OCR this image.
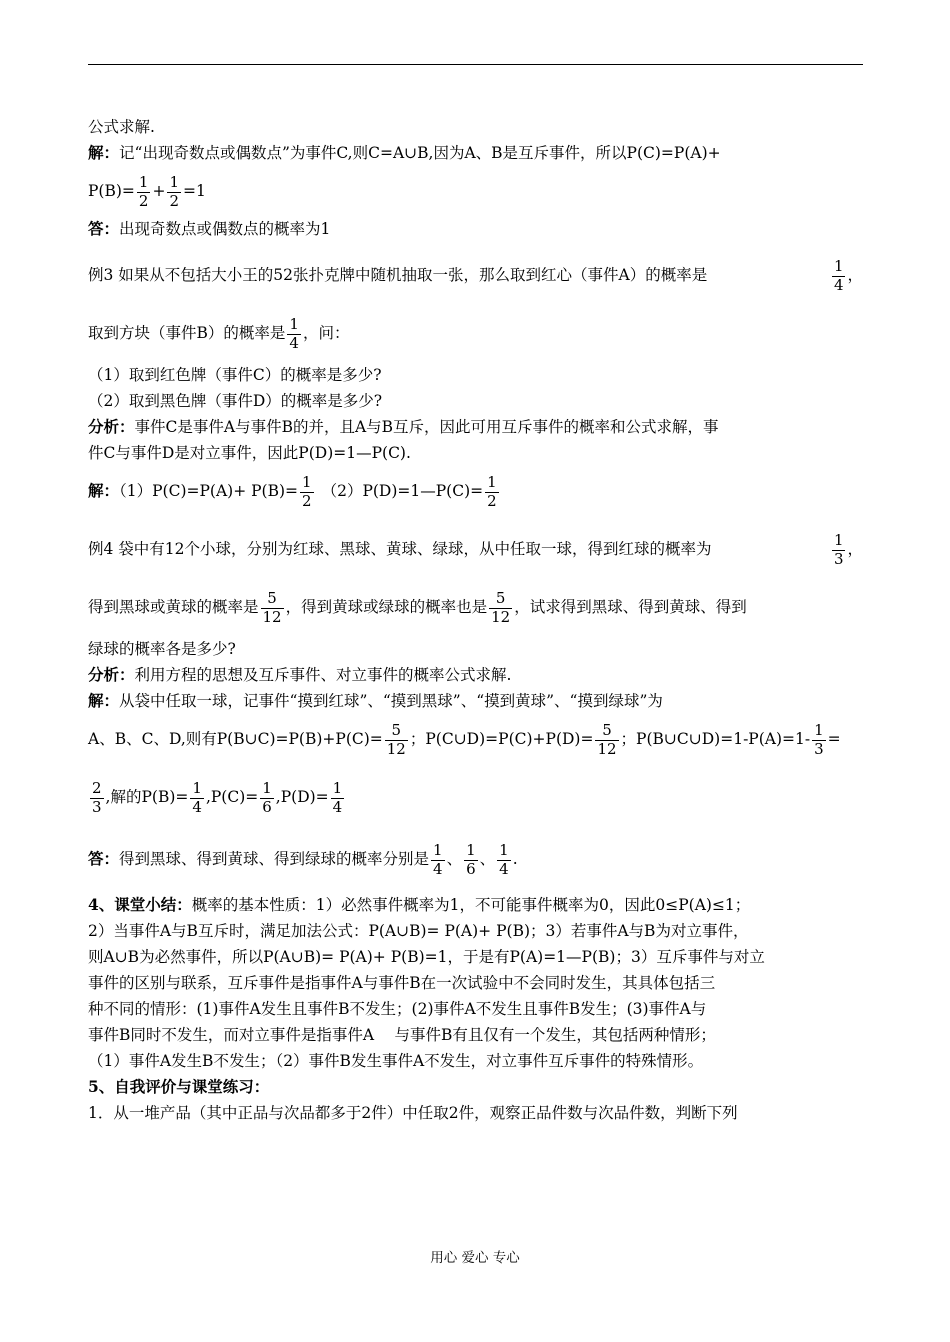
公式求解.
解：记“出现奇数点或偶数点”为事件C,则C=A∪B,因为A、B是互斥事件，所以P(C)=P(A)+
$P(B)= \frac{1}{2} + \frac{1}{2} =1$
答：出现奇数点或偶数点的概率为1
例3 如果从不包括大小王的52张扑克牌中随机抽取一张，那么取到红心（事件A）的概率是	$\frac{1}{4}$ ，
取到方块（事件B）的概率是 $\frac{1}{4}$ ，问：
（1）取到红色牌（事件C）的概率是多少?
（2）取到黑色牌（事件D）的概率是多少?
分析：事件C是事件A与事件B的并，且A与B互斥，因此可用互斥事件的概率和公式求解，事
件C与事件D是对立事件，因此P(D)=1—P(C).
解：$(1)P(C)=P(A)+ P(B)= \frac{1}{2}$ （2）P(D)=1—P(C)= $\frac{1}{2}$
例4 袋中有12个小球，分别为红球、黑球、黄球、绿球，从中任取一球，得到红球的概率为	$\frac{1}{3}$ ，
得到黑球或黄球的概率是 $\frac{5}{12}$ ，得到黄球或绿球的概率也是 $\frac{5}{12}$ ，试求得到黑球、得到黄球、得到
绿球的概率各是多少?
分析：利用方程的思想及互斥事件、对立事件的概率公式求解.
解：从袋中任取一球，记事件“摸到红球”、“摸到黑球”、“摸到黄球”、“摸到绿球”为
A、B、C、D,则有P(B∪C)=P(B)+P(C)= $\frac{5}{12}$ ；P(C∪D)=P(C)+P(D)= $\frac{5}{12}$ ；P(B∪C∪D)=1-P(A)=1- $\frac{1}{3}$ =
$\frac{2}{3}$ ,解的$P(B)= \frac{1}{4} ,P(C)= \frac{1}{6} ,P(D)= \frac{1}{4}$
答：得到黑球、得到黄球、得到绿球的概率分别是 $\frac{1}{4}$ 、 $\frac{1}{6}$ 、 $\frac{1}{4}$ .
4、课堂小结：概率的基本性质：1）必然事件概率为1，不可能事件概率为0，因此0≤P(A)≤1；
2）当事件A与B互斥时，满足加法公式：P(A∪B)= P(A)+ P(B)；3）若事件A与B为对立事件，
则A∪B为必然事件，所以P(A∪B)= P(A)+ P(B)=1，于是有P(A)=1—P(B)；3）互斥事件与对立
事件的区别与联系，互斥事件是指事件A与事件B在一次试验中不会同时发生，其具体包括三
种不同的情形：(1)事件A发生且事件B不发生；(2)事件A不发生且事件B发生；(3)事件A与
事件B同时不发生，而对立事件是指事件A　 与事件B有且仅有一个发生，其包括两种情形；
（1）事件A发生B不发生；（2）事件B发生事件A不发生，对立事件互斥事件的特殊情形。
5、自我评价与课堂练习：
1．从一堆产品（其中正品与次品都多于2件）中任取2件，观察正品件数与次品件数，判断下列
用心 爱心 专心
